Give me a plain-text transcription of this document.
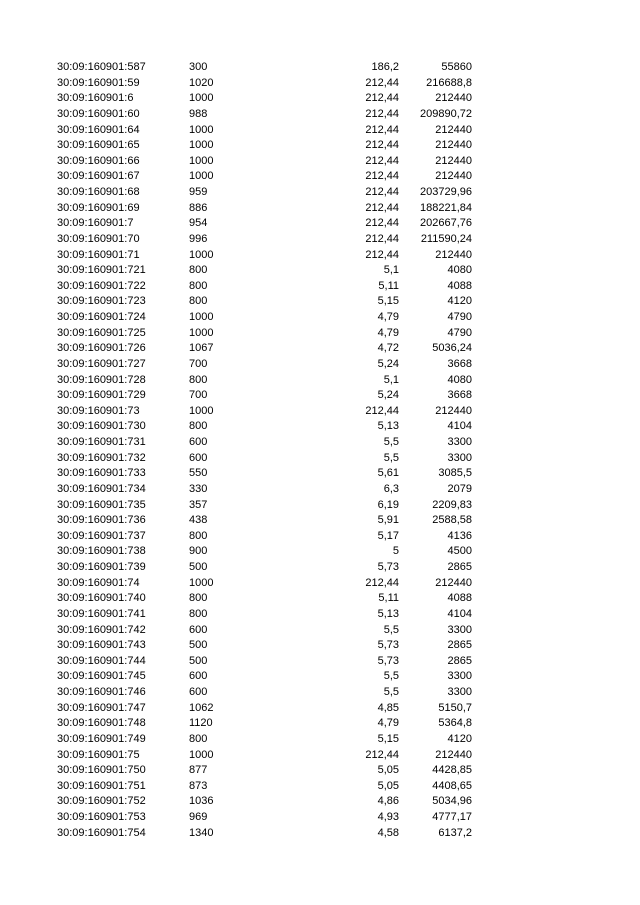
30:09:160901:587	300	186,2	55860
30:09:160901:59	1020	212,44 216688,8
30:09:160901:6	1000	212,44	212440
30:09:160901:60	988	212,44 209890,72
30:09:160901:64	1000	212,44	212440
30:09:160901:65	1000	212,44	212440
30:09:160901:66	1000	212,44	212440
30:09:160901:67	1000	212,44	212440
30:09:160901:68	959	212,44 203729,96
30:09:160901:69	886	212,44 188221,84
30:09:160901:7	954	212,44 202667,76
30:09:160901:70	996	212,44 211590,24
30:09:160901:71	1000	212,44	212440
30:09:160901:721	800	5,1	4080
30:09:160901:722	800	5,11	4088
30:09:160901:723	800	5,15	4120
30:09:160901:724	1000	4,79	4790
30:09:160901:725	1000	4,79	4790
30:09:160901:726	1067	4,72	5036,24
30:09:160901:727	700	5,24	3668
30:09:160901:728	800	5,1	4080
30:09:160901:729	700	5,24	3668
30:09:160901:73	1000	212,44	212440
30:09:160901:730	800	5,13	4104
30:09:160901:731	600	5,5	3300
30:09:160901:732	600	5,5	3300
30:09:160901:733	550	5,61	3085,5
30:09:160901:734	330	6,3	2079
30:09:160901:735	357	6,19	2209,83
30:09:160901:736	438	5,91	2588,58
30:09:160901:737	800	5,17	4136
30:09:160901:738	900	5	4500
30:09:160901:739	500	5,73	2865
30:09:160901:74	1000	212,44	212440
30:09:160901:740	800	5,11	4088
30:09:160901:741	800	5,13	4104
30:09:160901:742	600	5,5	3300
30:09:160901:743	500	5,73	2865
30:09:160901:744	500	5,73	2865
30:09:160901:745	600	5,5	3300
30:09:160901:746	600	5,5	3300
30:09:160901:747	1062	4,85	5150,7
30:09:160901:748	1120	4,79	5364,8
30:09:160901:749	800	5,15	4120
30:09:160901:75	1000	212,44	212440
30:09:160901:750	877	5,05	4428,85
30:09:160901:751	873	5,05	4408,65
30:09:160901:752	1036	4,86	5034,96
30:09:160901:753	969	4,93	4777,17
30:09:160901:754	1340	4,58	6137,2
